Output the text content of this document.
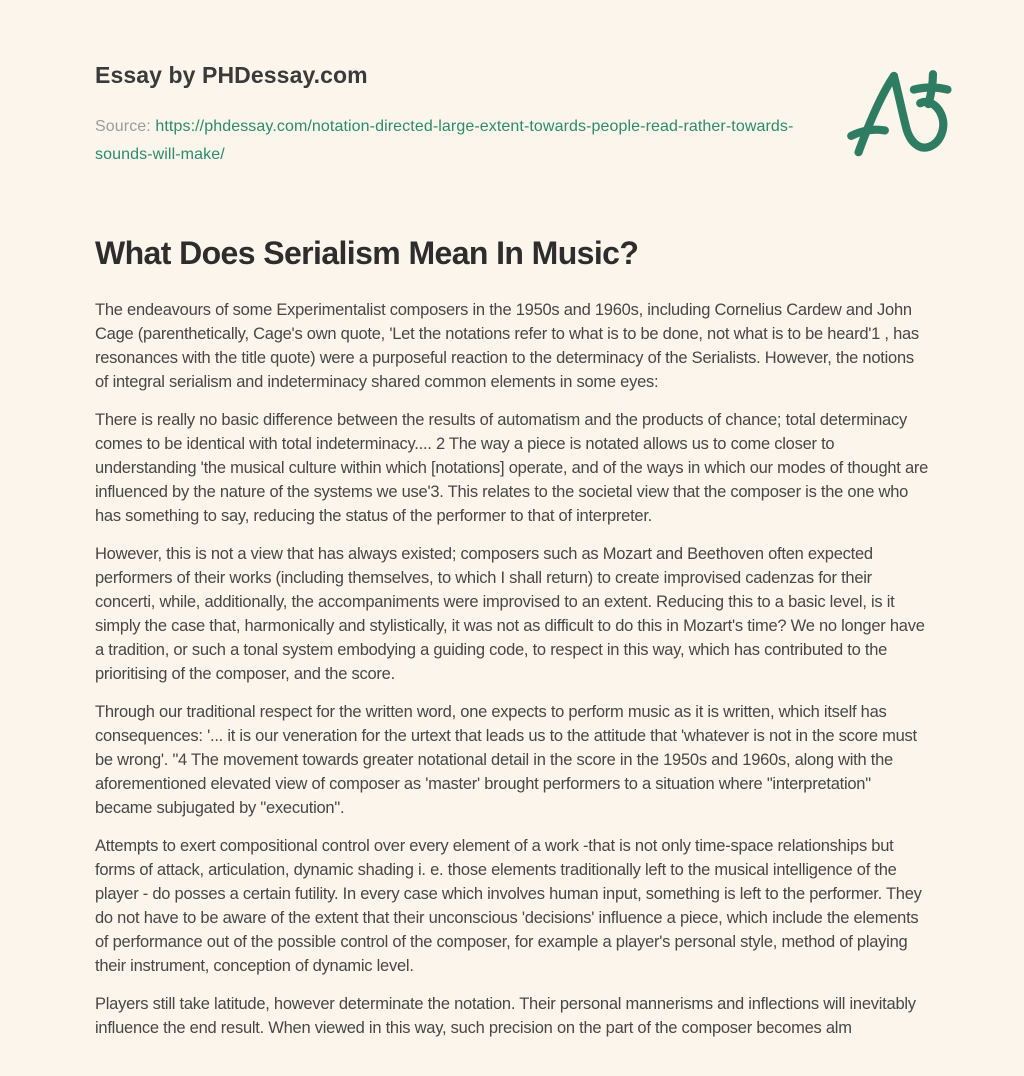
Essay by PHDessay.com
Source: https://phdessay.com/notation-directed-large-extent-towards-people-read-rather-towards-sounds-will-make/
What Does Serialism Mean In Music?

The endeavours of some Experimentalist composers in the 1950s and 1960s, including Cornelius Cardew and John Cage (parenthetically, Cage's own quote, 'Let the notations refer to what is to be done, not what is to be heard'1 , has resonances with the title quote) were a purposeful reaction to the determinacy of the Serialists. However, the notions of integral serialism and indeterminacy shared common elements in some eyes:

There is really no basic difference between the results of automatism and the products of chance; total determinacy comes to be identical with total indeterminacy.... 2 The way a piece is notated allows us to come closer to understanding 'the musical culture within which [notations] operate, and of the ways in which our modes of thought are influenced by the nature of the systems we use'3. This relates to the societal view that the composer is the one who has something to say, reducing the status of the performer to that of interpreter.

However, this is not a view that has always existed; composers such as Mozart and Beethoven often expected performers of their works (including themselves, to which I shall return) to create improvised cadenzas for their concerti, while, additionally, the accompaniments were improvised to an extent. Reducing this to a basic level, is it simply the case that, harmonically and stylistically, it was not as difficult to do this in Mozart's time? We no longer have a tradition, or such a tonal system embodying a guiding code, to respect in this way, which has contributed to the prioritising of the composer, and the score.

Through our traditional respect for the written word, one expects to perform music as it is written, which itself has consequences: '... it is our veneration for the urtext that leads us to the attitude that 'whatever is not in the score must be wrong'. "4 The movement towards greater notational detail in the score in the 1950s and 1960s, along with the aforementioned elevated view of composer as 'master' brought performers to a situation where "interpretation" became subjugated by "execution".

Attempts to exert compositional control over every element of a work -that is not only time-space relationships but forms of attack, articulation, dynamic shading i. e. those elements traditionally left to the musical intelligence of the player - do posses a certain futility. In every case which involves human input, something is left to the performer. They do not have to be aware of the extent that their unconscious 'decisions' influence a piece, which include the elements of performance out of the possible control of the composer, for example a player's personal style, method of playing their instrument, conception of dynamic level.

Players still take latitude, however determinate the notation. Their personal mannerisms and inflections will inevitably influence the end result. When viewed in this way, such precision on the part of the composer becomes alm
